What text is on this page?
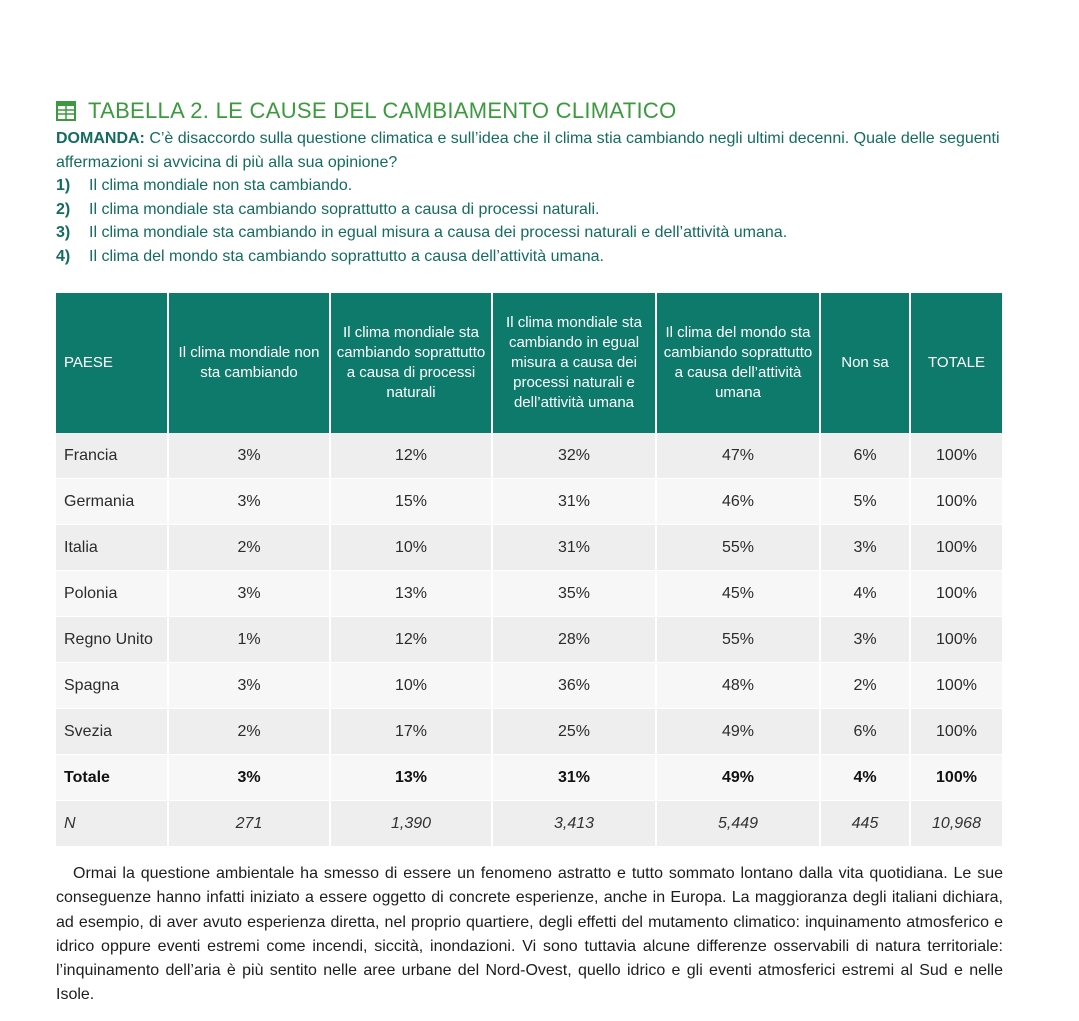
TABELLA 2. LE CAUSE DEL CAMBIAMENTO CLIMATICO
DOMANDA: C’è disaccordo sulla questione climatica e sull’idea che il clima stia cambiando negli ultimi decenni. Quale delle seguenti affermazioni si avvicina di più alla sua opinione?
1)	Il clima mondiale non sta cambiando.
2)	Il clima mondiale sta cambiando soprattutto a causa di processi naturali.
3)	Il clima mondiale sta cambiando in egual misura a causa dei processi naturali e dell’attività umana.
4)	Il clima del mondo sta cambiando soprattutto a causa dell’attività umana.
PAESE	Il clima mondiale non sta cambiando	Il clima mondiale sta cambiando soprattutto a causa di processi naturali	Il clima mondiale sta cambiando in egual misura a causa dei processi naturali e dell’attività umana	Il clima del mondo sta cambiando soprattutto a causa dell’attività umana	Non sa	TOTALE
Francia	3%	12%	32%	47%	6%	100%
Germania	3%	15%	31%	46%	5%	100%
Italia	2%	10%	31%	55%	3%	100%
Polonia	3%	13%	35%	45%	4%	100%
Regno Unito	1%	12%	28%	55%	3%	100%
Spagna	3%	10%	36%	48%	2%	100%
Svezia	2%	17%	25%	49%	6%	100%
Totale	3%	13%	31%	49%	4%	100%
N	271	1,390	3,413	5,449	445	10,968
Ormai la questione ambientale ha smesso di essere un fenomeno astratto e tutto sommato lontano dalla vita quotidiana. Le sue conseguenze hanno infatti iniziato a essere oggetto di concrete esperienze, anche in Europa. La maggioranza degli italiani dichiara, ad esempio, di aver avuto esperienza diretta, nel proprio quartiere, degli effetti del mutamento climatico: inquinamento atmosferico e idrico oppure eventi estremi come incendi, siccità, inondazioni. Vi sono tuttavia alcune differenze osservabili di natura territoriale: l’inquinamento dell’aria è più sentito nelle aree urbane del Nord-Ovest, quello idrico e gli eventi atmosferici estremi al Sud e nelle Isole.
